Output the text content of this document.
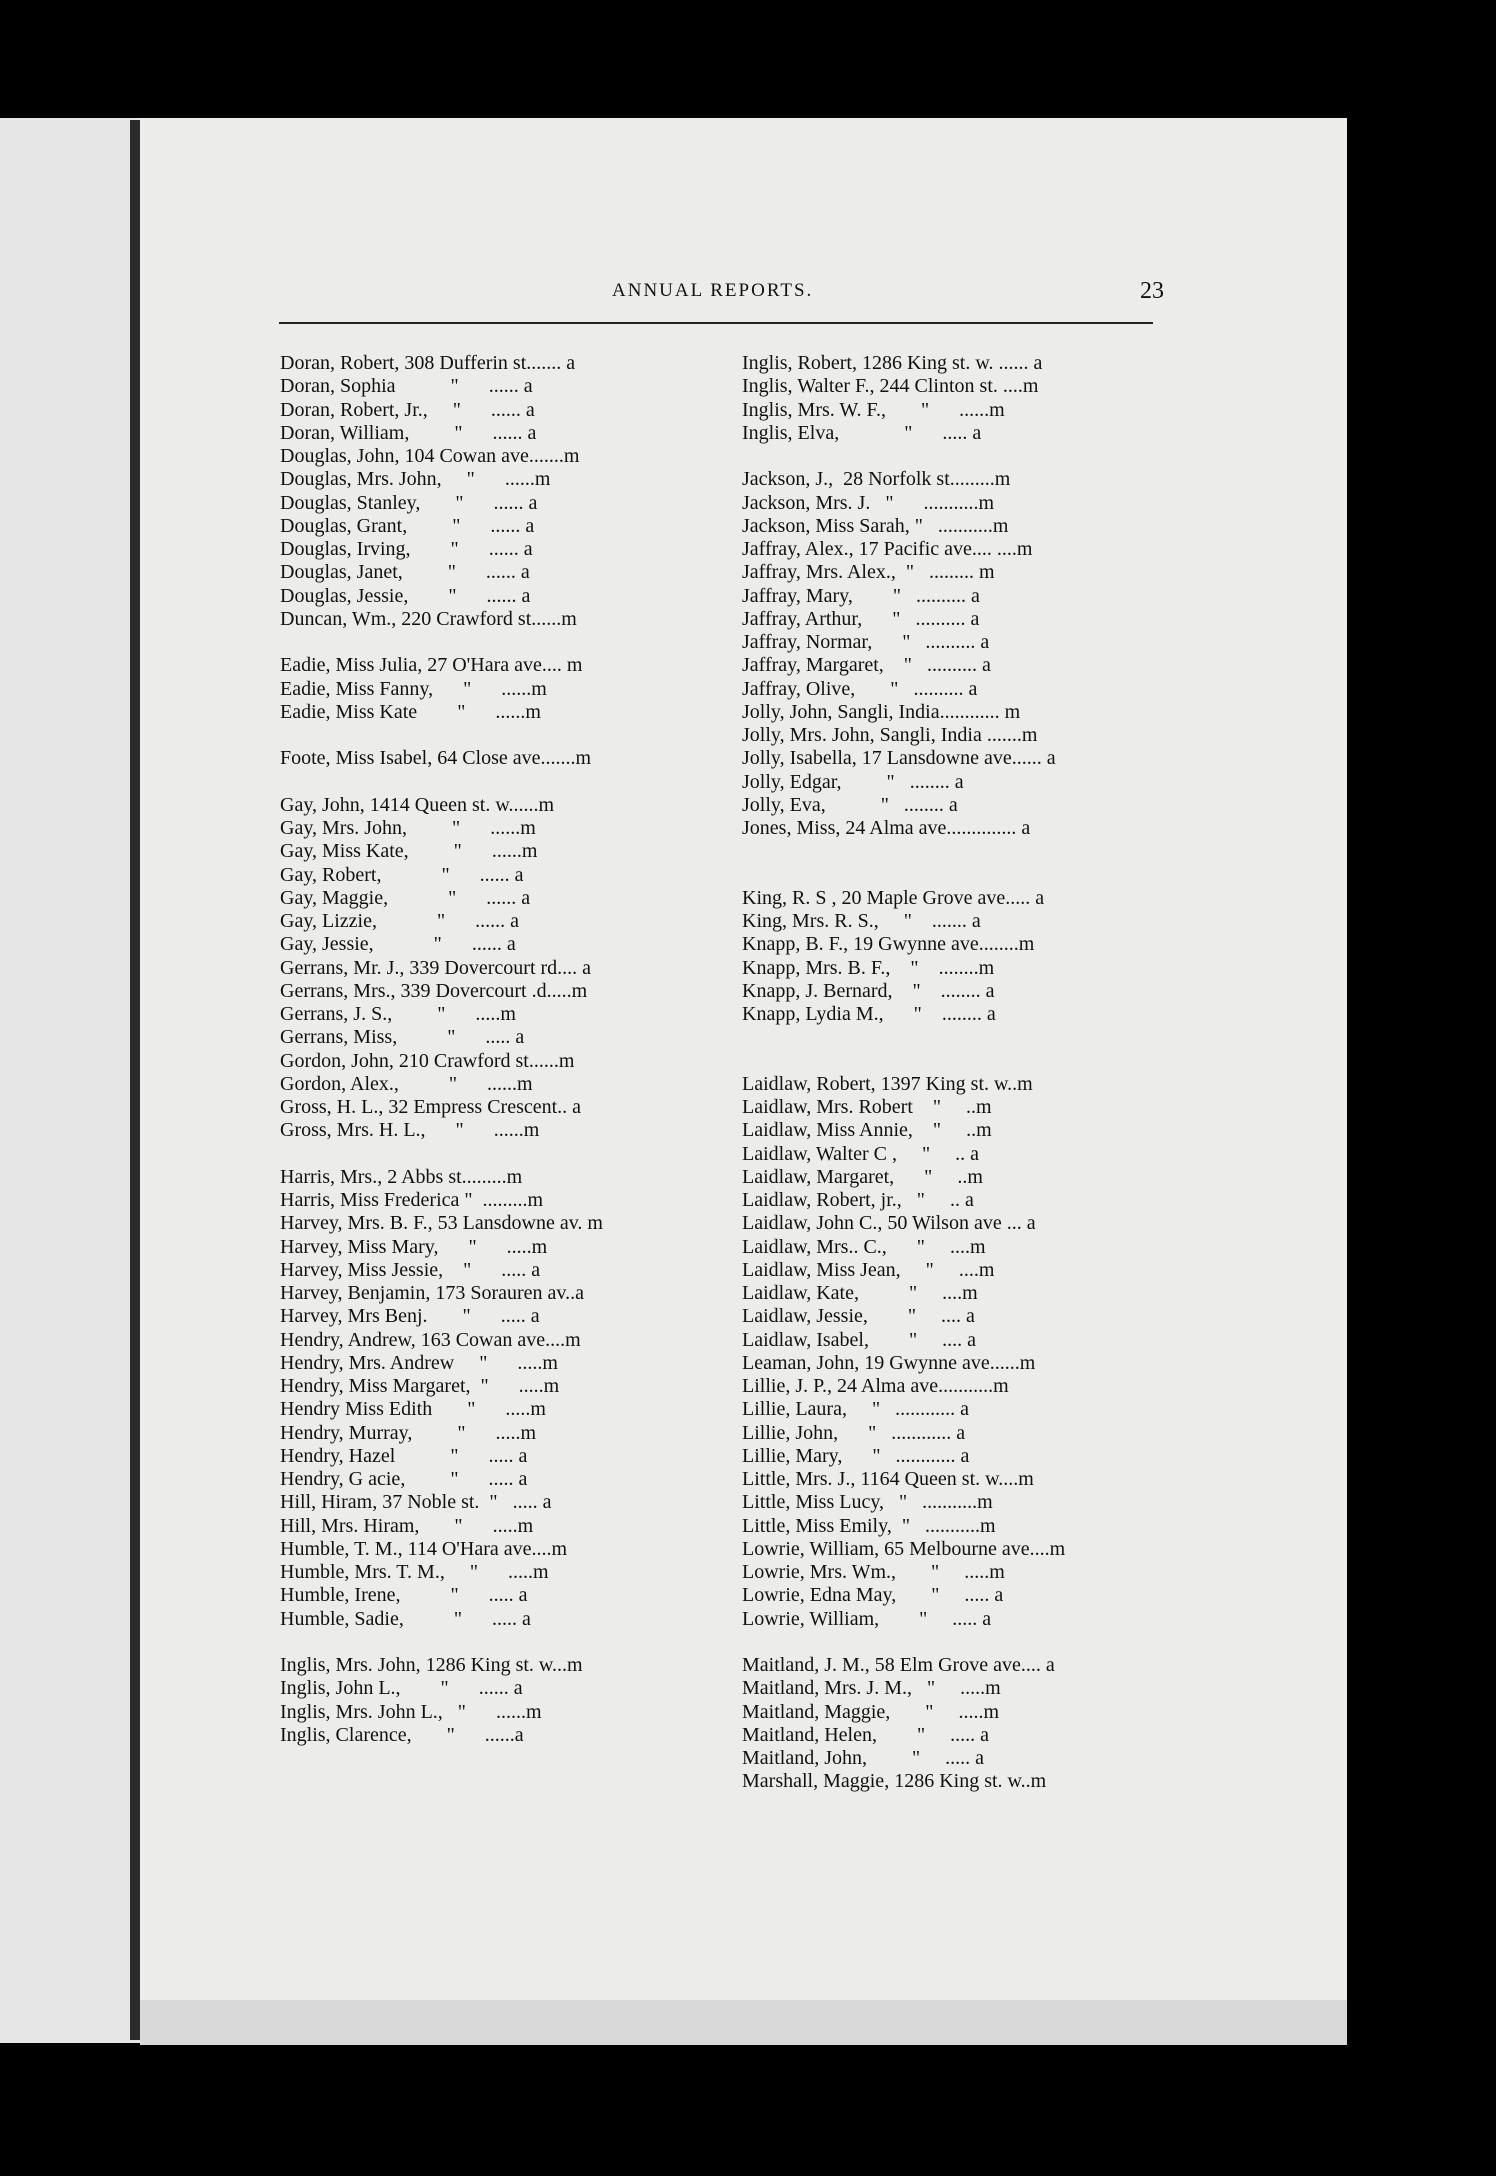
ANNUAL REPORTS.	23
Doran, Robert, 308 Dufferin st....... a
Doran, Sophia           "      ...... a
Doran, Robert, Jr.,     "      ...... a
Doran, William,         "      ...... a
Douglas, John, 104 Cowan ave.......m
Douglas, Mrs. John,     "      ......m
Douglas, Stanley,       "      ...... a
Douglas, Grant,         "      ...... a
Douglas, Irving,        "      ...... a
Douglas, Janet,         "      ...... a
Douglas, Jessie,        "      ...... a
Duncan, Wm., 220 Crawford st......m
Eadie, Miss Julia, 27 O'Hara ave.... m
Eadie, Miss Fanny,      "      ......m
Eadie, Miss Kate        "      ......m
Foote, Miss Isabel, 64 Close ave.......m
Gay, John, 1414 Queen st. w......m
Gay, Mrs. John,         "      ......m
Gay, Miss Kate,         "      ......m
Gay, Robert,            "      ...... a
Gay, Maggie,            "      ...... a
Gay, Lizzie,            "      ...... a
Gay, Jessie,            "      ...... a
Gerrans, Mr. J., 339 Dovercourt rd.... a
Gerrans, Mrs., 339 Dovercourt .d.....m
Gerrans, J. S.,         "      .....m
Gerrans, Miss,          "      ..... a
Gordon, John, 210 Crawford st......m
Gordon, Alex.,          "      ......m
Gross, H. L., 32 Empress Crescent.. a
Gross, Mrs. H. L.,      "      ......m
Harris, Mrs., 2 Abbs st.........m
Harris, Miss Frederica "  .........m
Harvey, Mrs. B. F., 53 Lansdowne av. m
Harvey, Miss Mary,      "      .....m
Harvey, Miss Jessie,    "      ..... a
Harvey, Benjamin, 173 Sorauren av..a
Harvey, Mrs Benj.       "      ..... a
Hendry, Andrew, 163 Cowan ave....m
Hendry, Mrs. Andrew     "      .....m
Hendry, Miss Margaret,  "      .....m
Hendry Miss Edith       "      .....m
Hendry, Murray,         "      .....m
Hendry, Hazel           "      ..... a
Hendry, G acie,         "      ..... a
Hill, Hiram, 37 Noble st.  "   ..... a
Hill, Mrs. Hiram,       "      .....m
Humble, T. M., 114 O'Hara ave....m
Humble, Mrs. T. M.,     "      .....m
Humble, Irene,          "      ..... a
Humble, Sadie,          "      ..... a
Inglis, Mrs. John, 1286 King st. w...m
Inglis, John L.,        "      ...... a
Inglis, Mrs. John L.,   "      ......m
Inglis, Clarence,       "      ......a
Inglis, Robert, 1286 King st. w. ...... a
Inglis, Walter F., 244 Clinton st. ....m
Inglis, Mrs. W. F.,       "      ......m
Inglis, Elva,             "      ..... a
Jackson, J.,  28 Norfolk st.........m
Jackson, Mrs. J.   "      ...........m
Jackson, Miss Sarah, "   ...........m
Jaffray, Alex., 17 Pacific ave.... ....m
Jaffray, Mrs. Alex.,  "   ......... m
Jaffray, Mary,        "   .......... a
Jaffray, Arthur,      "   .......... a
Jaffray, Normar,      "   .......... a
Jaffray, Margaret,    "   .......... a
Jaffray, Olive,       "   .......... a
Jolly, John, Sangli, India............ m
Jolly, Mrs. John, Sangli, India .......m
Jolly, Isabella, 17 Lansdowne ave...... a
Jolly, Edgar,         "   ........ a
Jolly, Eva,           "   ........ a
Jones, Miss, 24 Alma ave.............. a
King, R. S , 20 Maple Grove ave..... a
King, Mrs. R. S.,     "    ....... a
Knapp, B. F., 19 Gwynne ave........m
Knapp, Mrs. B. F.,    "    ........m
Knapp, J. Bernard,    "    ........ a
Knapp, Lydia M.,      "    ........ a
Laidlaw, Robert, 1397 King st. w..m
Laidlaw, Mrs. Robert    "     ..m
Laidlaw, Miss Annie,    "     ..m
Laidlaw, Walter C ,     "     .. a
Laidlaw, Margaret,      "     ..m
Laidlaw, Robert, jr.,   "     .. a
Laidlaw, John C., 50 Wilson ave ... a
Laidlaw, Mrs.. C.,      "     ....m
Laidlaw, Miss Jean,     "     ....m
Laidlaw, Kate,          "     ....m
Laidlaw, Jessie,        "     .... a
Laidlaw, Isabel,        "     .... a
Leaman, John, 19 Gwynne ave......m
Lillie, J. P., 24 Alma ave...........m
Lillie, Laura,     "   ............ a
Lillie, John,      "   ............ a
Lillie, Mary,      "   ............ a
Little, Mrs. J., 1164 Queen st. w....m
Little, Miss Lucy,   "   ...........m
Little, Miss Emily,  "   ...........m
Lowrie, William, 65 Melbourne ave....m
Lowrie, Mrs. Wm.,       "     .....m
Lowrie, Edna May,       "     ..... a
Lowrie, William,        "     ..... a
Maitland, J. M., 58 Elm Grove ave.... a
Maitland, Mrs. J. M.,   "     .....m
Maitland, Maggie,       "     .....m
Maitland, Helen,        "     ..... a
Maitland, John,         "     ..... a
Marshall, Maggie, 1286 King st. w..m
